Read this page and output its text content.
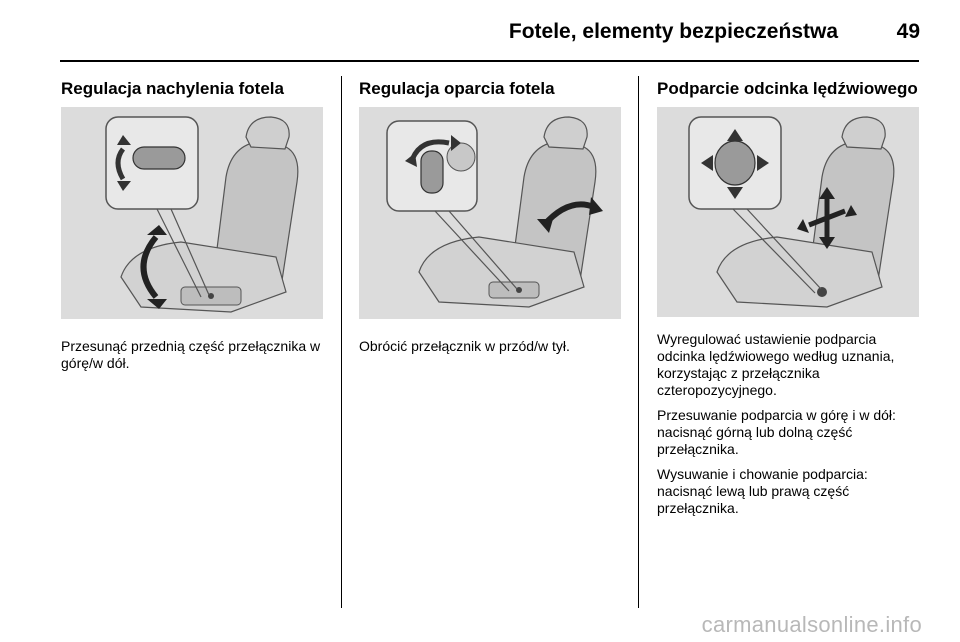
Fotele, elementy bezpieczeństwa	49
Regulacja nachylenia fotela

Przesunąć przednią część przełącznika w górę/w dół.

Regulacja oparcia fotela

Obrócić przełącznik w przód/w tył.

Podparcie odcinka lędźwiowego

Wyregulować ustawienie podparcia odcinka lędźwiowego według uznania, korzystając z przełącznika czteropozycyjnego.

Przesuwanie podparcia w górę i w dół: nacisnąć górną lub dolną część przełącznika.

Wysuwanie i chowanie podparcia: nacisnąć lewą lub prawą część przełącznika.

carmanualsonline.info
